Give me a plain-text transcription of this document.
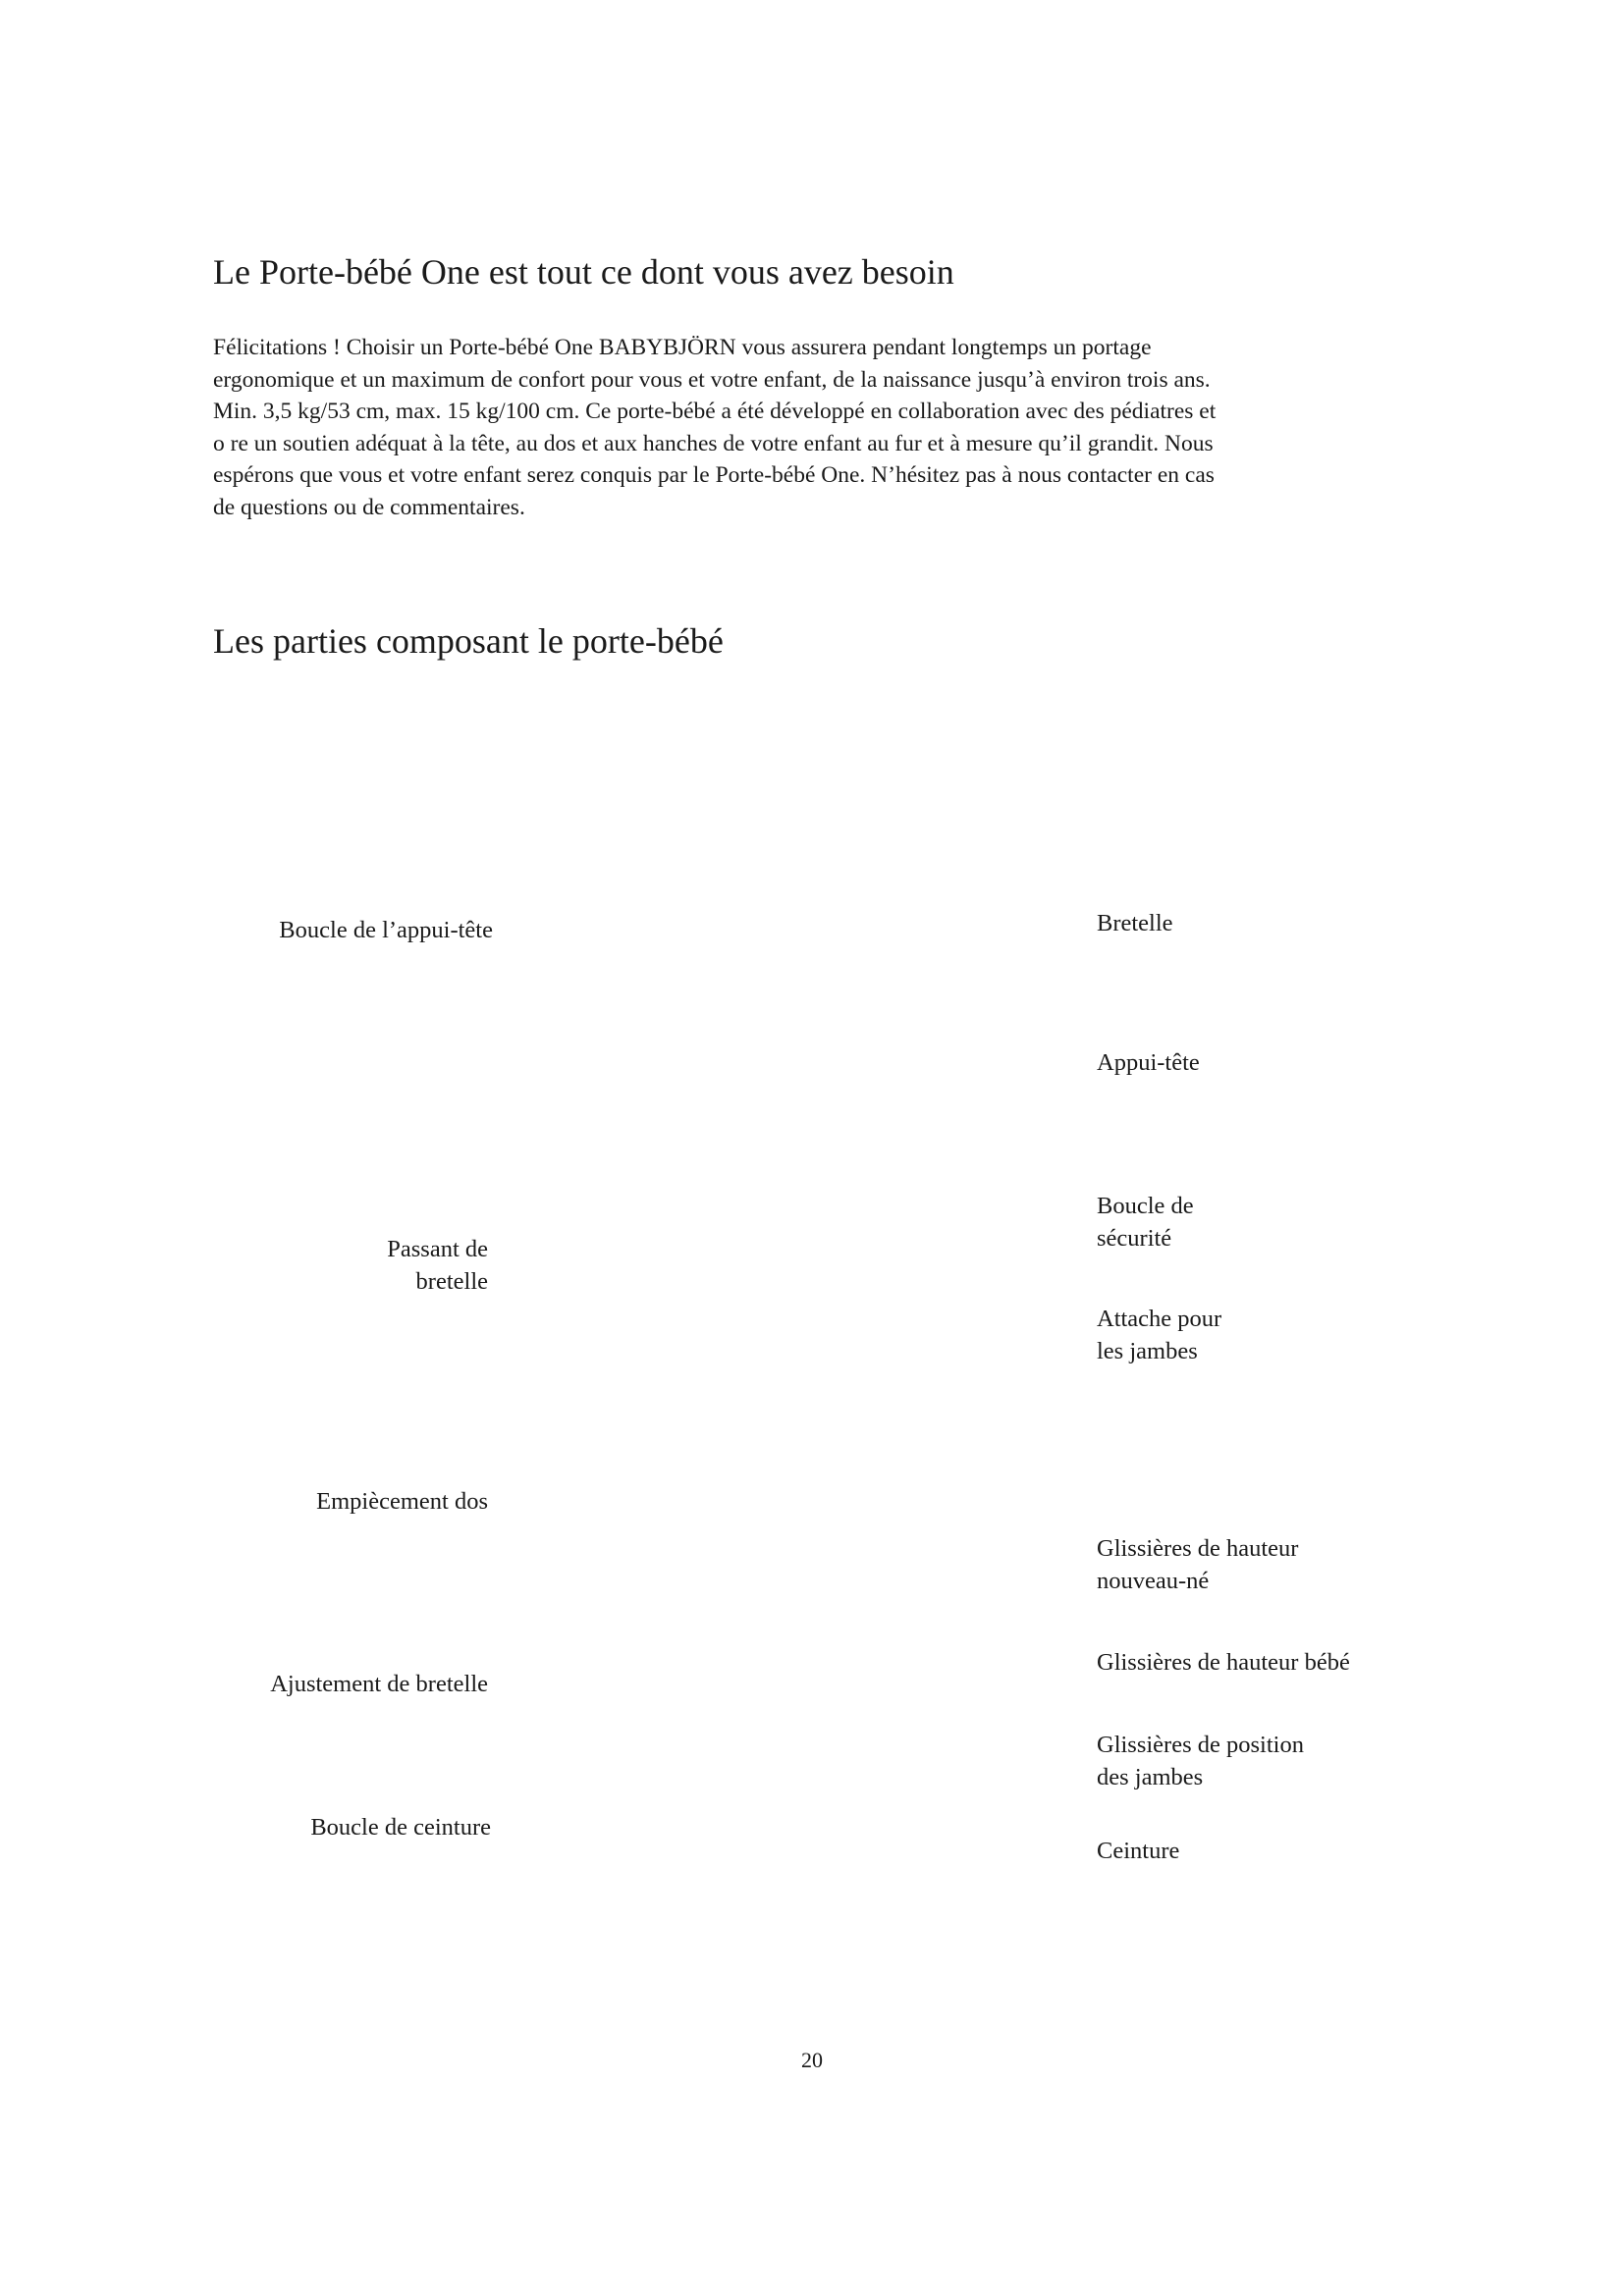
Le Porte-bébé One est tout ce dont vous avez besoin
Félicitations ! Choisir un Porte-bébé One BABYBJÖRN vous assurera pendant longtemps un portage
ergonomique et un maximum de confort pour vous et votre enfant, de la naissance jusqu’à environ trois ans.
Min. 3,5 kg/53 cm, max. 15 kg/100 cm. Ce porte-bébé a été développé en collaboration avec des pédiatres et
o re un soutien adéquat à la tête, au dos et aux hanches de votre enfant au fur et à mesure qu’il grandit. Nous
espérons que vous et votre enfant serez conquis par le Porte-bébé One. N’hésitez pas à nous contacter en cas
de questions ou de commentaires.
Les parties composant le porte-bébé
Boucle de l’appui-tête
Passant de
bretelle
Empiècement dos
Ajustement de bretelle
Boucle de ceinture
Bretelle
Appui-tête
Boucle de
sécurité
Attache pour
les jambes
Glissières de hauteur
nouveau-né
Glissières de hauteur bébé
Glissières de position
des jambes
Ceinture
20
